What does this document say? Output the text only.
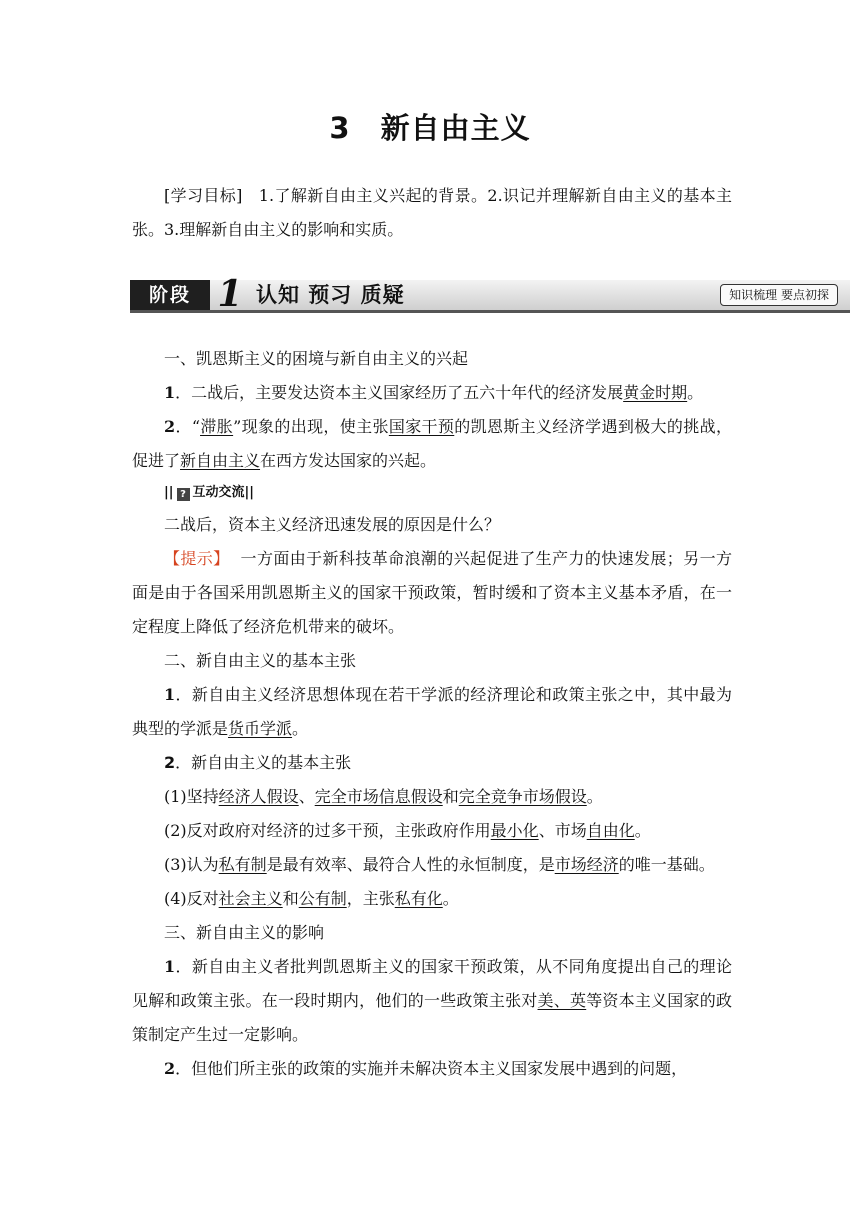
3 新自由主义

[学习目标] 1.了解新自由主义兴起的背景。2.识记并理解新自由主义的基本主张。3.理解新自由主义的影响和实质。

阶段 1 认知 预习 质疑	知识梳理 要点初探

一、凯恩斯主义的困境与新自由主义的兴起

1．二战后，主要发达资本主义国家经历了五六十年代的经济发展黄金时期。

2．“滞胀”现象的出现，使主张国家干预的凯恩斯主义经济学遇到极大的挑战，促进了新自由主义在西方发达国家的兴起。

|| ? 互动交流||

二战后，资本主义经济迅速发展的原因是什么？

【提示】 一方面由于新科技革命浪潮的兴起促进了生产力的快速发展；另一方面是由于各国采用凯恩斯主义的国家干预政策，暂时缓和了资本主义基本矛盾，在一定程度上降低了经济危机带来的破坏。

二、新自由主义的基本主张

1．新自由主义经济思想体现在若干学派的经济理论和政策主张之中，其中最为典型的学派是货币学派。

2．新自由主义的基本主张

(1)坚持经济人假设、完全市场信息假设和完全竞争市场假设。

(2)反对政府对经济的过多干预，主张政府作用最小化、市场自由化。

(3)认为私有制是最有效率、最符合人性的永恒制度，是市场经济的唯一基础。

(4)反对社会主义和公有制，主张私有化。

三、新自由主义的影响

1．新自由主义者批判凯恩斯主义的国家干预政策，从不同角度提出自己的理论见解和政策主张。在一段时期内，他们的一些政策主张对美、英等资本主义国家的政策制定产生过一定影响。

2．但他们所主张的政策的实施并未解决资本主义国家发展中遇到的问题，
